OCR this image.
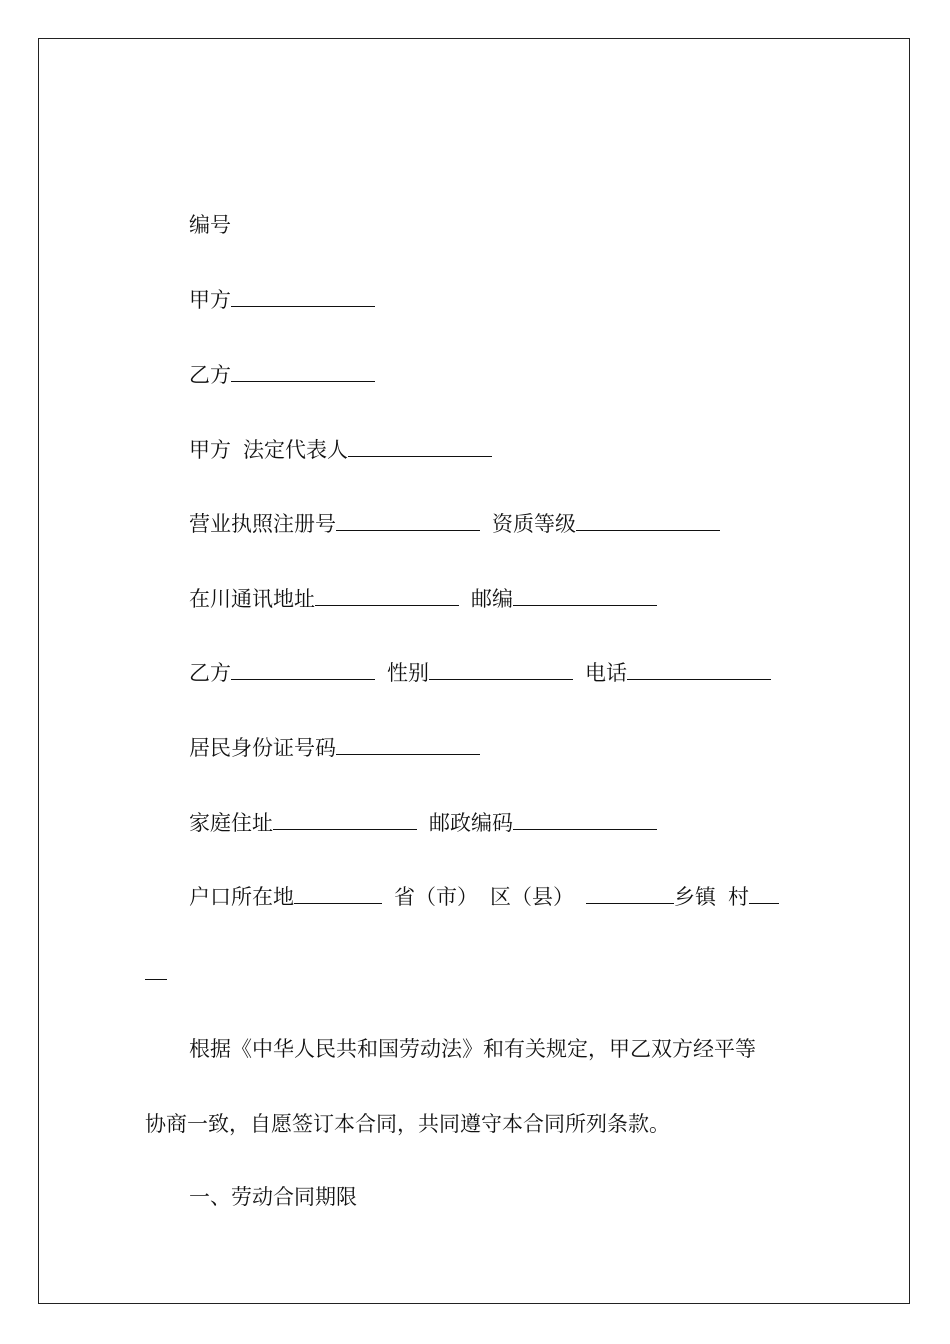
编号

甲方

乙方

甲方 法定代表人

营业执照注册号	资质等级

在川通讯地址	邮编

乙方	性别	电话

居民身份证号码

家庭住址	邮政编码

户口所在地	省（市） 区（县）	乡镇 村

根据《中华人民共和国劳动法》和有关规定，甲乙双方经平等

协商一致，自愿签订本合同，共同遵守本合同所列条款。

一、劳动合同期限
